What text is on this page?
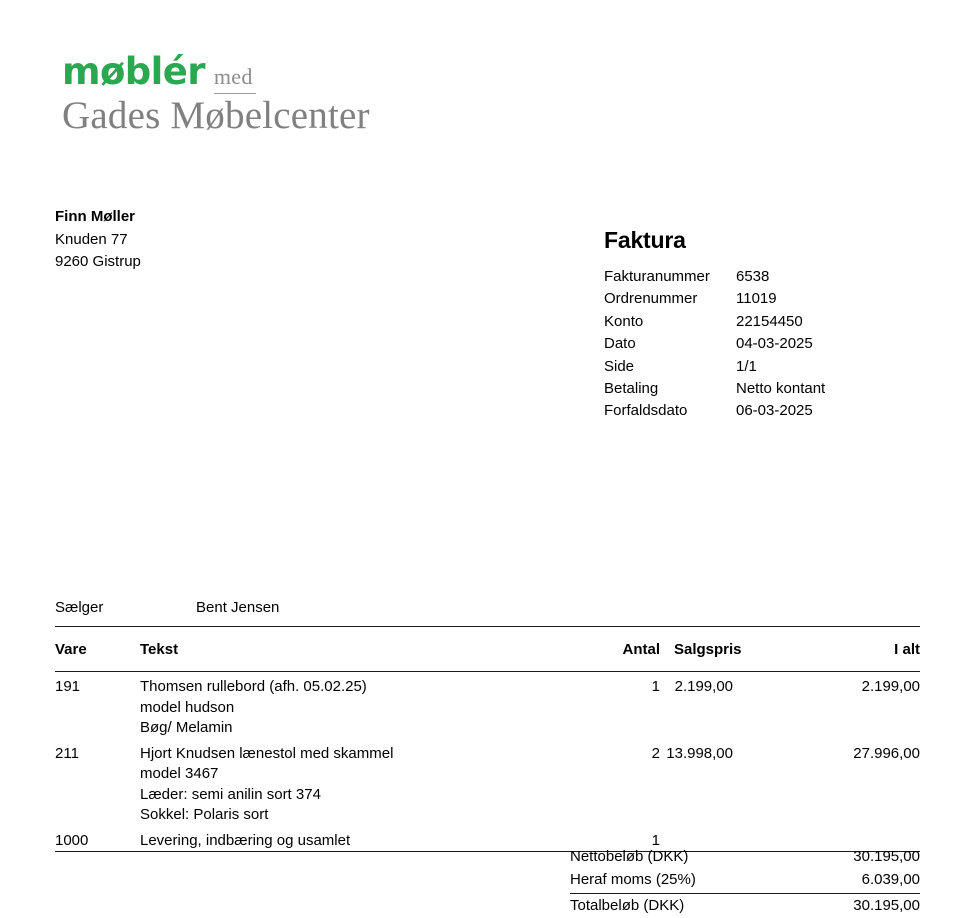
møblér med
Gades Møbelcenter
Finn Møller
Knuden 77
9260 Gistrup
Faktura
Fakturanummer	6538
Ordrenummer	11019
Konto	22154450
Dato	04-03-2025
Side	1/1
Betaling	Netto kontant
Forfaldsdato	06-03-2025
Sælger	Bent Jensen
Vare	Tekst	Antal	Salgspris	I alt
191	Thomsen rullebord (afh. 05.02.25)
model hudson
Bøg/ Melamin	1	2.199,00	2.199,00
211	Hjort Knudsen lænestol med skammel
model 3467
Læder: semi anilin sort 374
Sokkel: Polaris sort	2	13.998,00	27.996,00
1000	Levering, indbæring og usamlet	1		
Nettobeløb (DKK)	30.195,00
Heraf moms (25%)	6.039,00

Totalbeløb (DKK)	30.195,00
